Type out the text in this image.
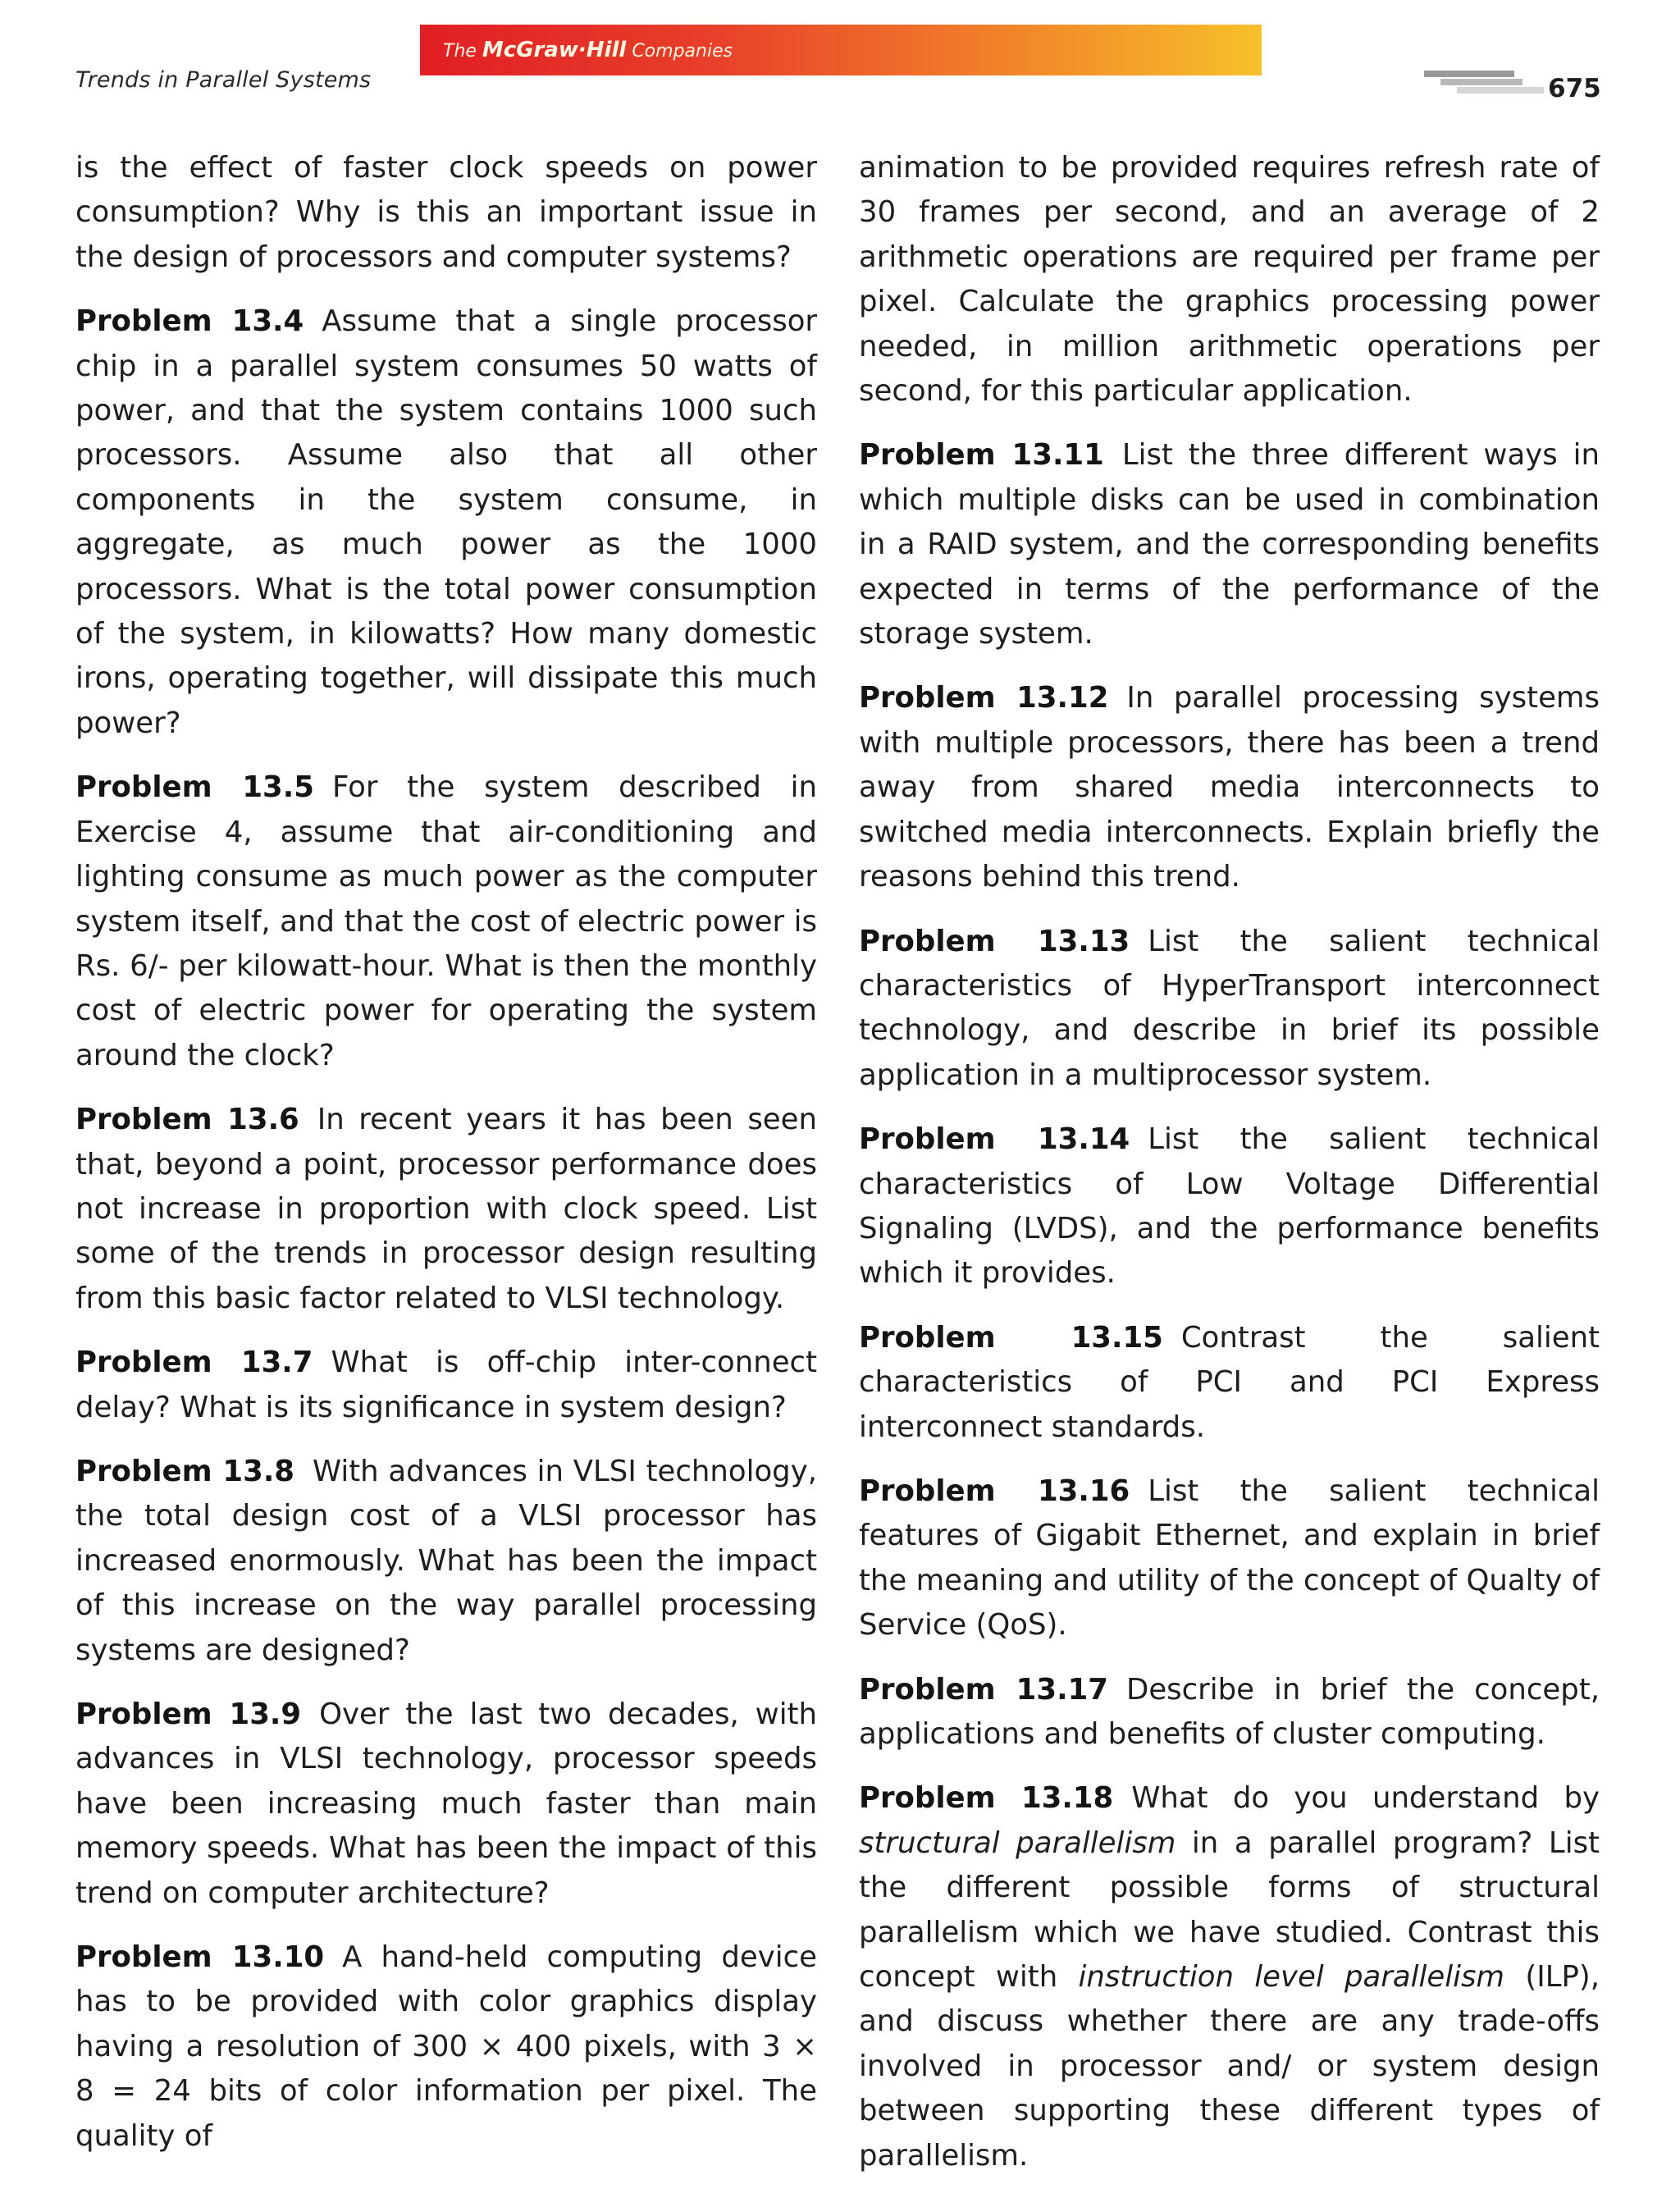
Trends in Parallel Systems
The McGraw·Hill Companies
675

is the effect of faster clock speeds on power consumption? Why is this an important issue in the design of processors and computer systems?

Problem 13.4 Assume that a single processor chip in a parallel system consumes 50 watts of power, and that the system contains 1000 such processors. Assume also that all other components in the system consume, in aggregate, as much power as the 1000 processors. What is the total power consumption of the system, in kilowatts? How many domestic irons, operating together, will dissipate this much power?

Problem 13.5 For the system described in Exercise 4, assume that air-conditioning and lighting consume as much power as the computer system itself, and that the cost of electric power is Rs. 6/- per kilowatt-hour. What is then the monthly cost of electric power for operating the system around the clock?

Problem 13.6 In recent years it has been seen that, beyond a point, processor performance does not increase in proportion with clock speed. List some of the trends in processor design resulting from this basic factor related to VLSI technology.

Problem 13.7 What is off-chip inter-connect delay? What is its significance in system design?

Problem 13.8 With advances in VLSI technology, the total design cost of a VLSI processor has increased enormously. What has been the impact of this increase on the way parallel processing systems are designed?

Problem 13.9 Over the last two decades, with advances in VLSI technology, processor speeds have been increasing much faster than main memory speeds. What has been the impact of this trend on computer architecture?

Problem 13.10 A hand-held computing device has to be provided with color graphics display having a resolution of 300 × 400 pixels, with 3 × 8 = 24 bits of color information per pixel. The quality of

animation to be provided requires refresh rate of 30 frames per second, and an average of 2 arithmetic operations are required per frame per pixel. Calculate the graphics processing power needed, in million arithmetic operations per second, for this particular application.

Problem 13.11 List the three different ways in which multiple disks can be used in combination in a RAID system, and the corresponding benefits expected in terms of the performance of the storage system.

Problem 13.12 In parallel processing systems with multiple processors, there has been a trend away from shared media interconnects to switched media interconnects. Explain briefly the reasons behind this trend.

Problem 13.13 List the salient technical characteristics of HyperTransport interconnect technology, and describe in brief its possible application in a multiprocessor system.

Problem 13.14 List the salient technical characteristics of Low Voltage Differential Signaling (LVDS), and the performance benefits which it provides.

Problem 13.15 Contrast the salient characteristics of PCI and PCI Express interconnect standards.

Problem 13.16 List the salient technical features of Gigabit Ethernet, and explain in brief the meaning and utility of the concept of Qualty of Service (QoS).

Problem 13.17 Describe in brief the concept, applications and benefits of cluster computing.

Problem 13.18 What do you understand by structural parallelism in a parallel program? List the different possible forms of structural parallelism which we have studied. Contrast this concept with instruction level parallelism (ILP), and discuss whether there are any trade-offs involved in processor and/ or system design between supporting these different types of parallelism.
